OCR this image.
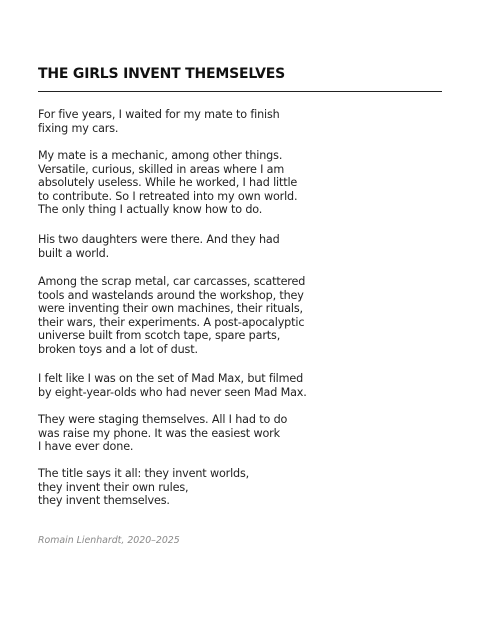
THE GIRLS INVENT THEMSELVES

For five years, I waited for my mate to finish
fixing my cars.

My mate is a mechanic, among other things.
Versatile, curious, skilled in areas where I am
absolutely useless. While he worked, I had little
to contribute. So I retreated into my own world.
The only thing I actually know how to do.

His two daughters were there. And they had
built a world.

Among the scrap metal, car carcasses, scattered
tools and wastelands around the workshop, they
were inventing their own machines, their rituals,
their wars, their experiments. A post-apocalyptic
universe built from scotch tape, spare parts,
broken toys and a lot of dust.

I felt like I was on the set of Mad Max, but filmed
by eight-year-olds who had never seen Mad Max.

They were staging themselves. All I had to do
was raise my phone. It was the easiest work
I have ever done.

The title says it all: they invent worlds,
they invent their own rules,
they invent themselves.

Romain Lienhardt, 2020–2025
